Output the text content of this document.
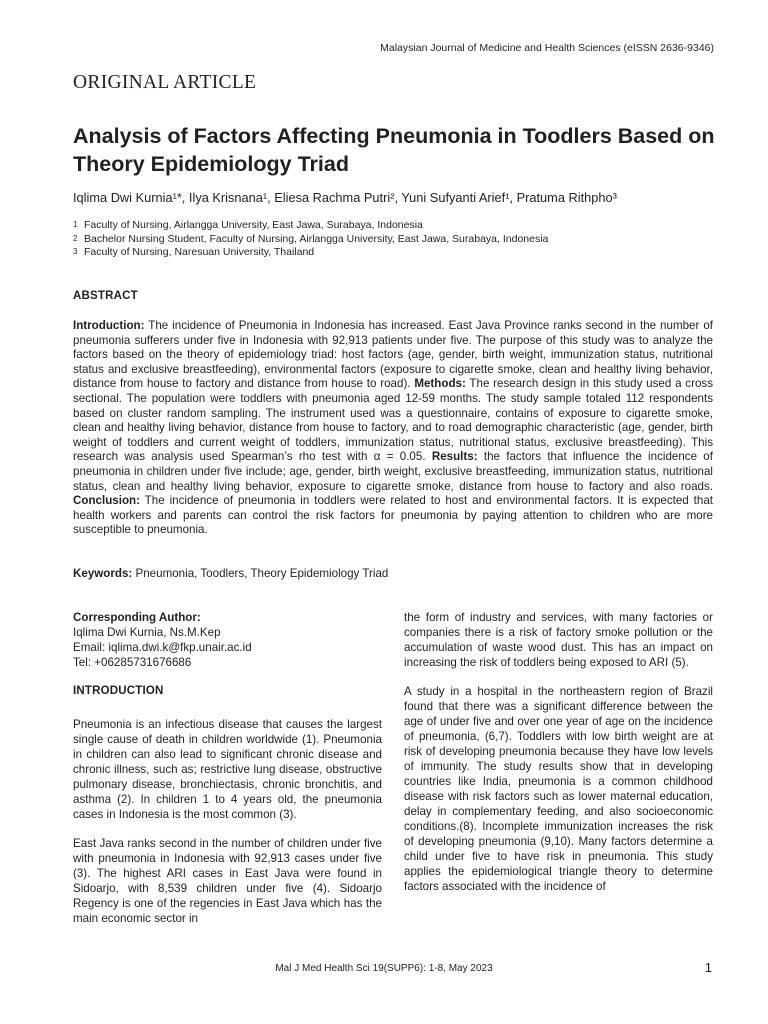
Malaysian Journal of Medicine and Health Sciences (eISSN 2636-9346)
ORIGINAL ARTICLE
Analysis of Factors Affecting Pneumonia in Toodlers Based on Theory Epidemiology Triad
Iqlima Dwi Kurnia¹*, Ilya Krisnana¹, Eliesa Rachma Putri², Yuni Sufyanti Arief¹, Pratuma Rithpho³
1 Faculty of Nursing, Airlangga University, East Jawa, Surabaya, Indonesia
2 Bachelor Nursing Student, Faculty of Nursing, Airlangga University, East Jawa, Surabaya, Indonesia
3 Faculty of Nursing, Naresuan University, Thailand
ABSTRACT

Introduction: The incidence of Pneumonia in Indonesia has increased. East Java Province ranks second in the number of pneumonia sufferers under five in Indonesia with 92,913 patients under five. The purpose of this study was to analyze the factors based on the theory of epidemiology triad: host factors (age, gender, birth weight, immunization status, nutritional status and exclusive breastfeeding), environmental factors (exposure to cigarette smoke, clean and healthy living behavior, distance from house to factory and distance from house to road). Methods: The research design in this study used a cross sectional. The population were toddlers with pneumonia aged 12-59 months. The study sample totaled 112 respondents based on cluster random sampling. The instrument used was a questionnaire, contains of exposure to cigarette smoke, clean and healthy living behavior, distance from house to factory, and to road demographic characteristic (age, gender, birth weight of toddlers and current weight of toddlers, immunization status, nutritional status, exclusive breastfeeding). This research was analysis used Spearman’s rho test with α = 0.05. Results: the factors that influence the incidence of pneumonia in children under five include; age, gender, birth weight, exclusive breastfeeding, immunization status, nutritional status, clean and healthy living behavior, exposure to cigarette smoke, distance from house to factory and also roads. Conclusion: The incidence of pneumonia in toddlers were related to host and environmental factors. It is expected that health workers and parents can control the risk factors for pneumonia by paying attention to children who are more susceptible to pneumonia.

Keywords: Pneumonia, Toodlers, Theory Epidemiology Triad
Corresponding Author:
Iqlima Dwi Kurnia, Ns.M.Kep
Email: iqlima.dwi.k@fkp.unair.ac.id
Tel: +06285731676686
INTRODUCTION

Pneumonia is an infectious disease that causes the largest single cause of death in children worldwide (1). Pneumonia in children can also lead to significant chronic disease and chronic illness, such as; restrictive lung disease, obstructive pulmonary disease, bronchiectasis, chronic bronchitis, and asthma (2). In children 1 to 4 years old, the pneumonia cases in Indonesia is the most common (3).

East Java ranks second in the number of children under five with pneumonia in Indonesia with 92,913 cases under five (3). The highest ARI cases in East Java were found in Sidoarjo, with 8,539 children under five (4). Sidoarjo Regency is one of the regencies in East Java which has the main economic sector in

the form of industry and services, with many factories or companies there is a risk of factory smoke pollution or the accumulation of waste wood dust. This has an impact on increasing the risk of toddlers being exposed to ARI (5).

A study in a hospital in the northeastern region of Brazil found that there was a significant difference between the age of under five and over one year of age on the incidence of pneumonia, (6,7). Toddlers with low birth weight are at risk of developing pneumonia because they have low levels of immunity. The study results show that in developing countries like India, pneumonia is a common childhood disease with risk factors such as lower maternal education, delay in complementary feeding, and also socioeconomic conditions.(8). Incomplete immunization increases the risk of developing pneumonia (9,10). Many factors determine a child under five to have risk in pneumonia. This study applies the epidemiological triangle theory to determine factors associated with the incidence of

Mal J Med Health Sci 19(SUPP6): 1-8, May 2023	1
